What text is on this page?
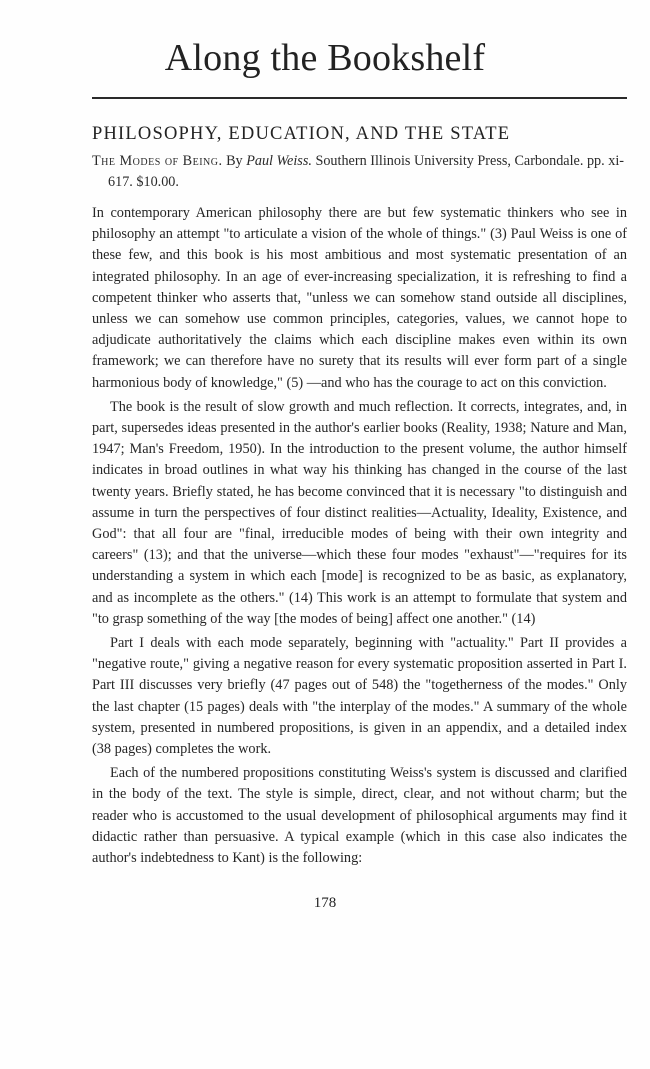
Along the Bookshelf
PHILOSOPHY, EDUCATION, AND THE STATE
The Modes of Being. By Paul Weiss. Southern Illinois University Press, Carbondale. pp. xi-617. $10.00.

In contemporary American philosophy there are but few systematic thinkers who see in philosophy an attempt "to articulate a vision of the whole of things." (3) Paul Weiss is one of these few, and this book is his most ambitious and most systematic presentation of an integrated philosophy. In an age of ever-increasing specialization, it is refreshing to find a competent thinker who asserts that, "unless we can somehow stand outside all disciplines, unless we can somehow use common principles, categories, values, we cannot hope to adjudicate authoritatively the claims which each discipline makes even within its own framework; we can therefore have no surety that its results will ever form part of a single harmonious body of knowledge," (5) —and who has the courage to act on this conviction.

The book is the result of slow growth and much reflection. It corrects, integrates, and, in part, supersedes ideas presented in the author's earlier books (Reality, 1938; Nature and Man, 1947; Man's Freedom, 1950). In the introduction to the present volume, the author himself indicates in broad outlines in what way his thinking has changed in the course of the last twenty years. Briefly stated, he has become convinced that it is necessary "to distinguish and assume in turn the perspectives of four distinct realities—Actuality, Ideality, Existence, and God": that all four are "final, irreducible modes of being with their own integrity and careers" (13); and that the universe—which these four modes "exhaust"—"requires for its understanding a system in which each [mode] is recognized to be as basic, as explanatory, and as incomplete as the others." (14) This work is an attempt to formulate that system and "to grasp something of the way [the modes of being] affect one another." (14)

Part I deals with each mode separately, beginning with "actuality." Part II provides a "negative route," giving a negative reason for every systematic proposition asserted in Part I. Part III discusses very briefly (47 pages out of 548) the "togetherness of the modes." Only the last chapter (15 pages) deals with "the interplay of the modes." A summary of the whole system, presented in numbered propositions, is given in an appendix, and a detailed index (38 pages) completes the work.

Each of the numbered propositions constituting Weiss's system is discussed and clarified in the body of the text. The style is simple, direct, clear, and not without charm; but the reader who is accustomed to the usual development of philosophical arguments may find it didactic rather than persuasive. A typical example (which in this case also indicates the author's indebtedness to Kant) is the following:

178
